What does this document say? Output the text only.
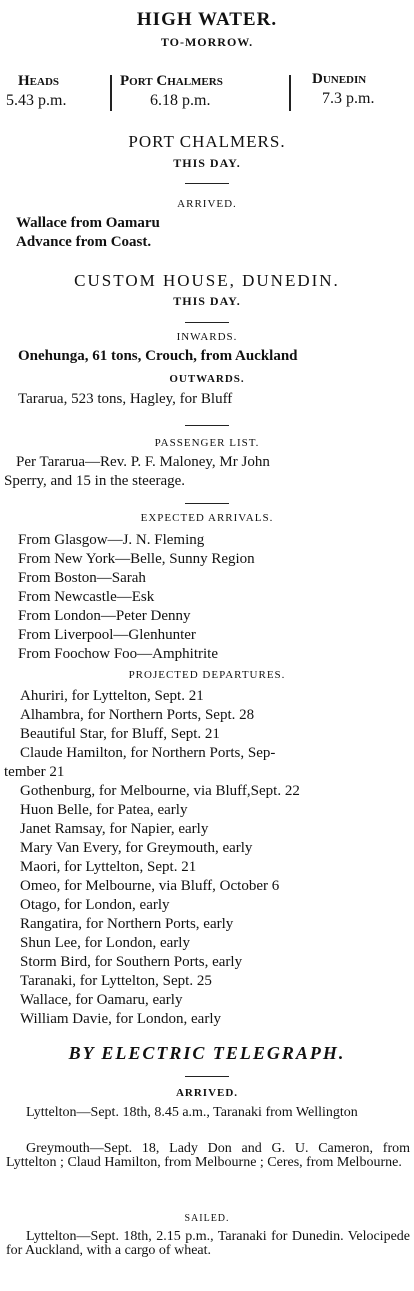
HIGH WATER.
TO-MORROW.
Heads
5.43 p.m.
Port Chalmers
6.18 p.m.
Dunedin
7.3 p.m.
PORT CHALMERS.
THIS DAY.
ARRIVED.
Wallace from Oamaru
Advance from Coast.
CUSTOM HOUSE, DUNEDIN.
THIS DAY.
INWARDS.
Onehunga, 61 tons, Crouch, from Auckland
OUTWARDS.
Tararua, 523 tons, Hagley, for Bluff
PASSENGER LIST.
Per Tararua—Rev. P. F. Maloney, Mr John
Sperry, and 15 in the steerage.
EXPECTED ARRIVALS.
From Glasgow—J. N. Fleming
From New York—Belle, Sunny Region
From Boston—Sarah
From Newcastle—Esk
From London—Peter Denny
From Liverpool—Glenhunter
From Foochow Foo—Amphitrite
PROJECTED DEPARTURES.
Ahuriri, for Lyttelton, Sept. 21
Alhambra, for Northern Ports, Sept. 28
Beautiful Star, for Bluff, Sept. 21
Claude Hamilton, for Northern Ports, Sep-
tember 21
Gothenburg, for Melbourne, via Bluff,Sept. 22
Huon Belle, for Patea, early
Janet Ramsay, for Napier, early
Mary Van Every, for Greymouth, early
Maori, for Lyttelton, Sept. 21
Omeo, for Melbourne, via Bluff, October 6
Otago, for London, early
Rangatira, for Northern Ports, early
Shun Lee, for London, early
Storm Bird, for Southern Ports, early
Taranaki, for Lyttelton, Sept. 25
Wallace, for Oamaru, early
William Davie, for London, early
BY ELECTRIC TELEGRAPH.
ARRIVED.
Lyttelton—Sept. 18th, 8.45 a.m., Taranaki from Wellington
Greymouth—Sept. 18, Lady Don and G. U. Cameron, from Lyttelton ; Claud Hamilton, from Melbourne ; Ceres, from Melbourne.
SAILED.
Lyttelton—Sept. 18th, 2.15 p.m., Taranaki for Dunedin. Velocipede for Auckland, with a cargo of wheat.
